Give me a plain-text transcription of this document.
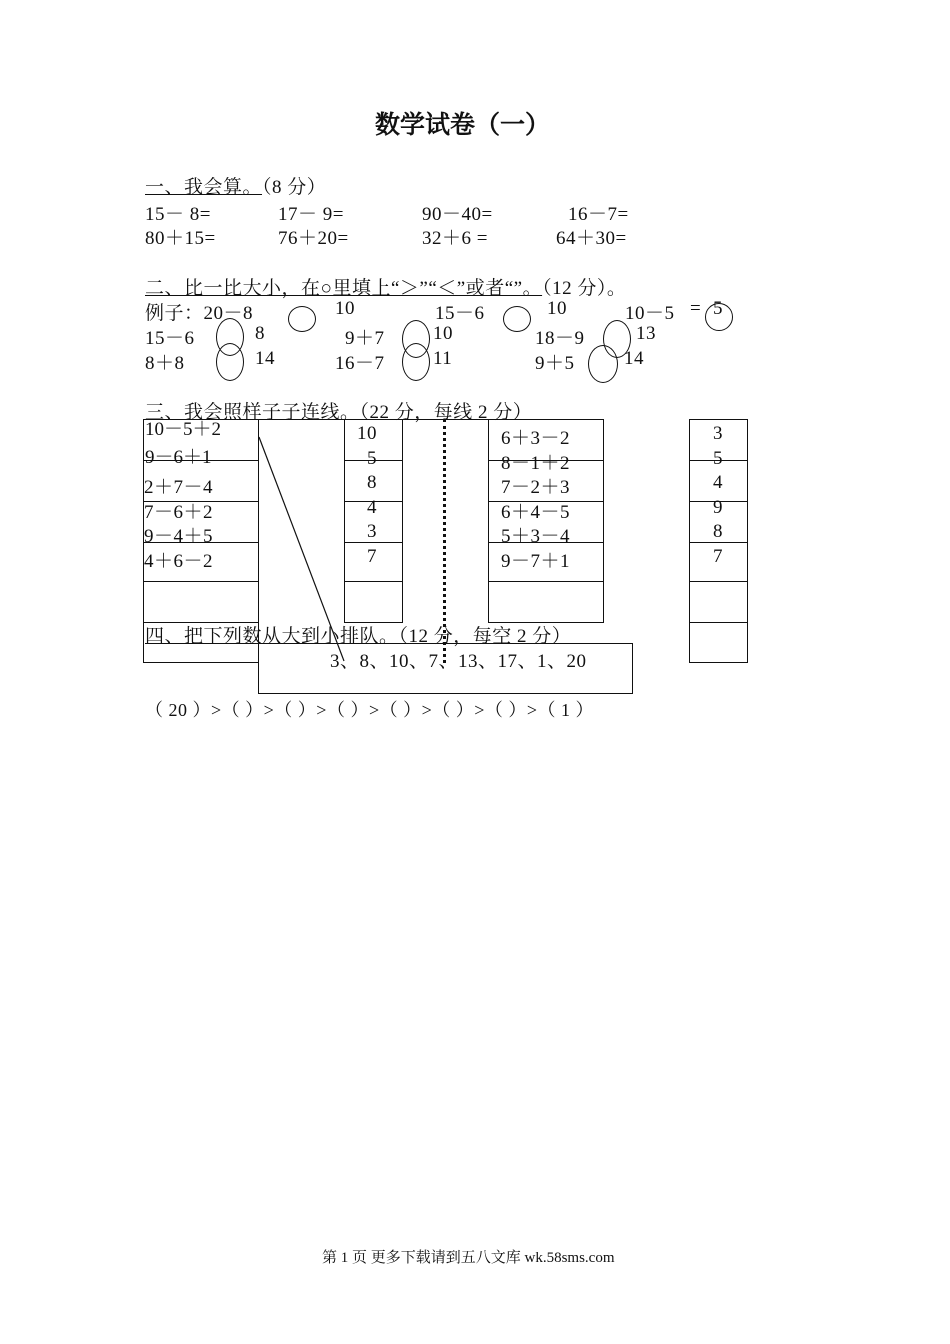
数学试卷（一）
一、我会算。（8 分）
15－ 8=	17－ 9=	90－40=	16－7=
80＋15=	76＋20=	32＋6 =	64＋30=
二、比一比大小，在○里填上“＞”“＜”或者“”。（12 分）。
例子：20－8	10	15－6	10	10－5 = 5
15－6	8	9＋7	10	18－9	13
8＋8	14	16－7	11	9＋5	14
三、我会照样子子连线。（22 分，每线 2 分）
10－5＋2
9－6＋1
2＋7－4
7－6＋2
9－4＋5
4＋6－2
10
5
8
4
3
7
6＋3－2
8－1＋2
7－2＋3
6＋4－5
5＋3－4
9－7＋1
3
5
4
9
8
7
四、把下列数从大到小排队。（12 分，每空 2 分）
3、8、10、7、13、17、1、20
（ 20 ）>（ ）>（ ）>（ ）>（ ）>（ ）>（ ）>（ 1 ）
第 1 页 更多下载请到五八文库 wk.58sms.com
